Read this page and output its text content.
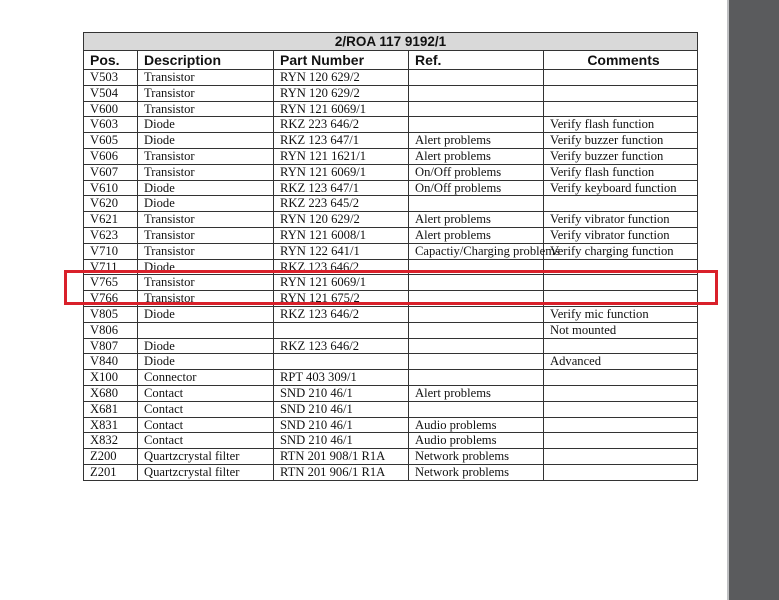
2/ROA 117 9192/1				
Pos.	Description	Part Number	Ref.	Comments
V503	Transistor	RYN 120 629/2		
V504	Transistor	RYN 120 629/2		
V600	Transistor	RYN 121 6069/1		
V603	Diode	RKZ 223 646/2		Verify flash function
V605	Diode	RKZ 123 647/1	Alert problems	Verify buzzer function
V606	Transistor	RYN 121 1621/1	Alert problems	Verify buzzer function
V607	Transistor	RYN 121 6069/1	On/Off problems	Verify flash function
V610	Diode	RKZ 123 647/1	On/Off problems	Verify keyboard function
V620	Diode	RKZ 223 645/2		
V621	Transistor	RYN 120 629/2	Alert problems	Verify vibrator function
V623	Transistor	RYN 121 6008/1	Alert problems	Verify vibrator function
V710	Transistor	RYN 122 641/1	Capactiy/Charging problems	Verify charging function
V711	Diode	RKZ 123 646/2		
V765	Transistor	RYN 121 6069/1		
V766	Transistor	RYN 121 675/2		
V805	Diode	RKZ 123 646/2		Verify mic function
V806				Not mounted
V807	Diode	RKZ 123 646/2		
V840	Diode			Advanced
X100	Connector	RPT 403 309/1		
X680	Contact	SND 210 46/1	Alert problems	
X681	Contact	SND 210 46/1		
X831	Contact	SND 210 46/1	Audio problems	
X832	Contact	SND 210 46/1	Audio problems	
Z200	Quartzcrystal filter	RTN 201 908/1 R1A	Network problems	
Z201	Quartzcrystal filter	RTN 201 906/1 R1A	Network problems	
